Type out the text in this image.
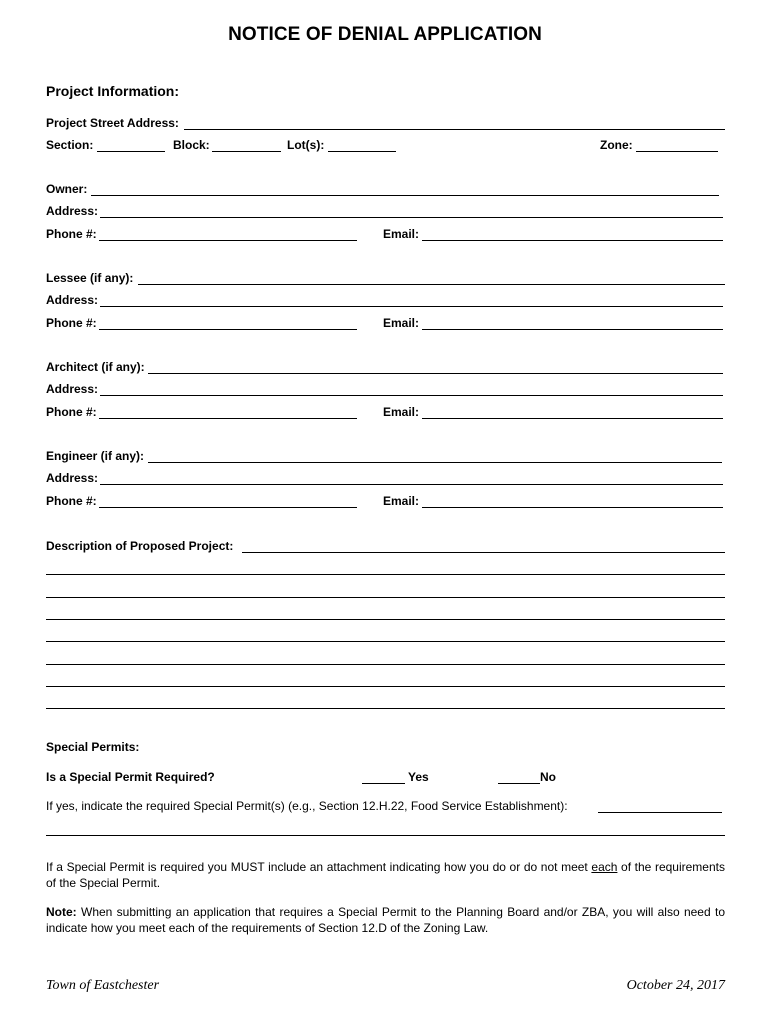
NOTICE OF DENIAL APPLICATION
Project Information:
Project Street Address:
Section:	Block:	Lot(s):	Zone:
Owner:
Address:
Phone #:	Email:
Lessee (if any):
Address:
Phone #:	Email:
Architect (if any):
Address:
Phone #:	Email:
Engineer (if any):
Address:
Phone #:	Email:
Description of Proposed Project:
Special Permits:
Is a Special Permit Required?	Yes	No
If yes, indicate the required Special Permit(s) (e.g., Section 12.H.22, Food Service Establishment):
If a Special Permit is required you MUST include an attachment indicating how you do or do not meet each of the requirements of the Special Permit.
Note: When submitting an application that requires a Special Permit to the Planning Board and/or ZBA, you will also need to indicate how you meet each of the requirements of Section 12.D of the Zoning Law.
Town of Eastchester	October 24, 2017
